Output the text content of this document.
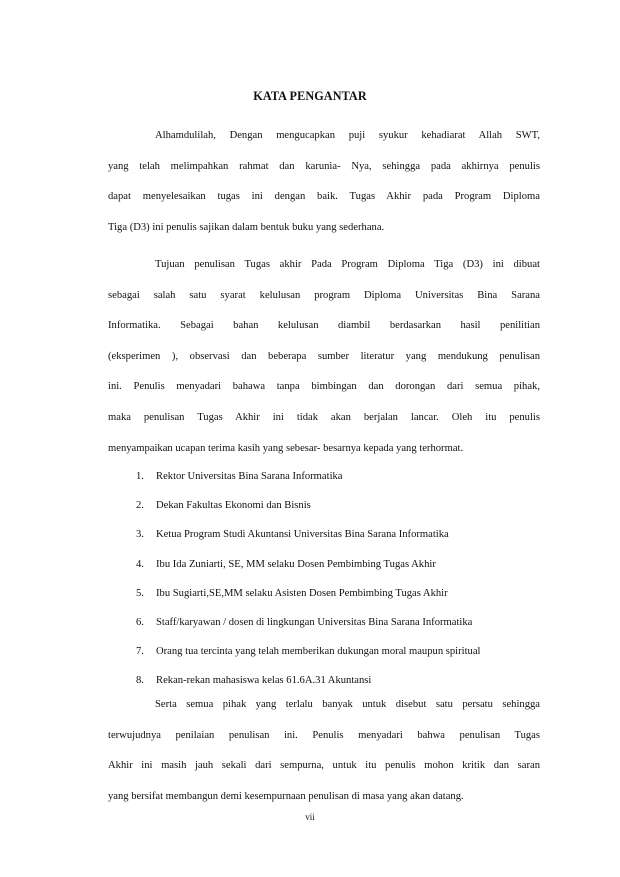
KATA PENGANTAR
Alhamdulilah, Dengan mengucapkan puji syukur kehadiarat Allah SWT,
yang telah melimpahkan rahmat dan karunia- Nya, sehingga pada akhirnya penulis
dapat menyelesaikan tugas ini dengan baik. Tugas Akhir pada Program Diploma
Tiga (D3) ini penulis sajikan dalam bentuk buku yang sederhana.
Tujuan penulisan Tugas akhir Pada Program Diploma Tiga (D3) ini dibuat
sebagai salah satu syarat kelulusan program Diploma Universitas Bina Sarana
Informatika. Sebagai bahan kelulusan diambil berdasarkan hasil penilitian
(eksperimen ), observasi dan beberapa sumber literatur yang mendukung penulisan
ini. Penulis menyadari bahawa tanpa bimbingan dan dorongan dari semua pihak,
maka penulisan Tugas Akhir ini tidak akan berjalan lancar. Oleh itu penulis
menyampaikan ucapan terima kasih yang sebesar- besarnya kepada yang terhormat.
1. Rektor Universitas Bina Sarana Informatika
2. Dekan Fakultas Ekonomi dan Bisnis
3. Ketua Program Studi Akuntansi Universitas Bina Sarana Informatika
4. Ibu Ida Zuniarti, SE, MM selaku Dosen Pembimbing Tugas Akhir
5. Ibu Sugiarti,SE,MM selaku Asisten Dosen Pembimbing Tugas Akhir
6. Staff/karyawan / dosen di lingkungan Universitas Bina Sarana Informatika
7. Orang tua tercinta yang telah memberikan dukungan moral maupun spiritual
8. Rekan-rekan mahasiswa kelas 61.6A.31 Akuntansi
Serta semua pihak yang terlalu banyak untuk disebut satu persatu sehingga
terwujudnya penilaian penulisan ini. Penulis menyadari bahwa penulisan Tugas
Akhir ini masih jauh sekali dari sempurna, untuk itu penulis mohon kritik dan saran
yang bersifat membangun demi kesempurnaan penulisan di masa yang akan datang.
vii
